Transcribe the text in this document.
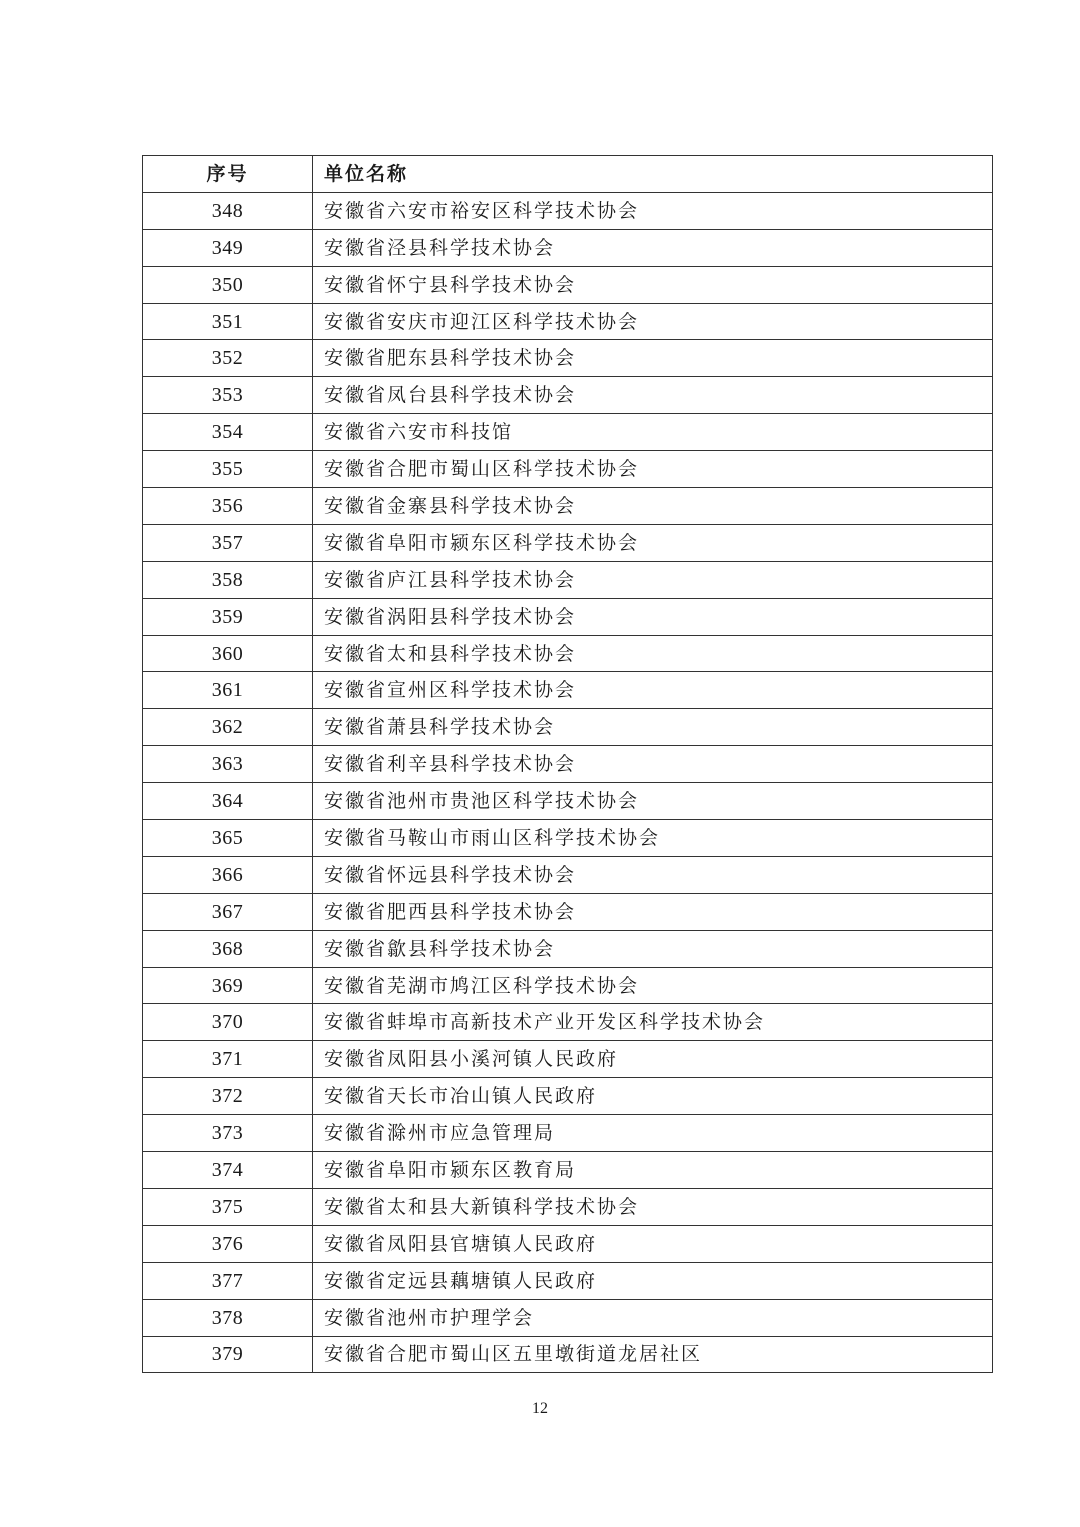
序号	单位名称
348	安徽省六安市裕安区科学技术协会
349	安徽省泾县科学技术协会
350	安徽省怀宁县科学技术协会
351	安徽省安庆市迎江区科学技术协会
352	安徽省肥东县科学技术协会
353	安徽省凤台县科学技术协会
354	安徽省六安市科技馆
355	安徽省合肥市蜀山区科学技术协会
356	安徽省金寨县科学技术协会
357	安徽省阜阳市颍东区科学技术协会
358	安徽省庐江县科学技术协会
359	安徽省涡阳县科学技术协会
360	安徽省太和县科学技术协会
361	安徽省宣州区科学技术协会
362	安徽省萧县科学技术协会
363	安徽省利辛县科学技术协会
364	安徽省池州市贵池区科学技术协会
365	安徽省马鞍山市雨山区科学技术协会
366	安徽省怀远县科学技术协会
367	安徽省肥西县科学技术协会
368	安徽省歙县科学技术协会
369	安徽省芜湖市鸠江区科学技术协会
370	安徽省蚌埠市高新技术产业开发区科学技术协会
371	安徽省凤阳县小溪河镇人民政府
372	安徽省天长市冶山镇人民政府
373	安徽省滁州市应急管理局
374	安徽省阜阳市颍东区教育局
375	安徽省太和县大新镇科学技术协会
376	安徽省凤阳县官塘镇人民政府
377	安徽省定远县藕塘镇人民政府
378	安徽省池州市护理学会
379	安徽省合肥市蜀山区五里墩街道龙居社区
12
